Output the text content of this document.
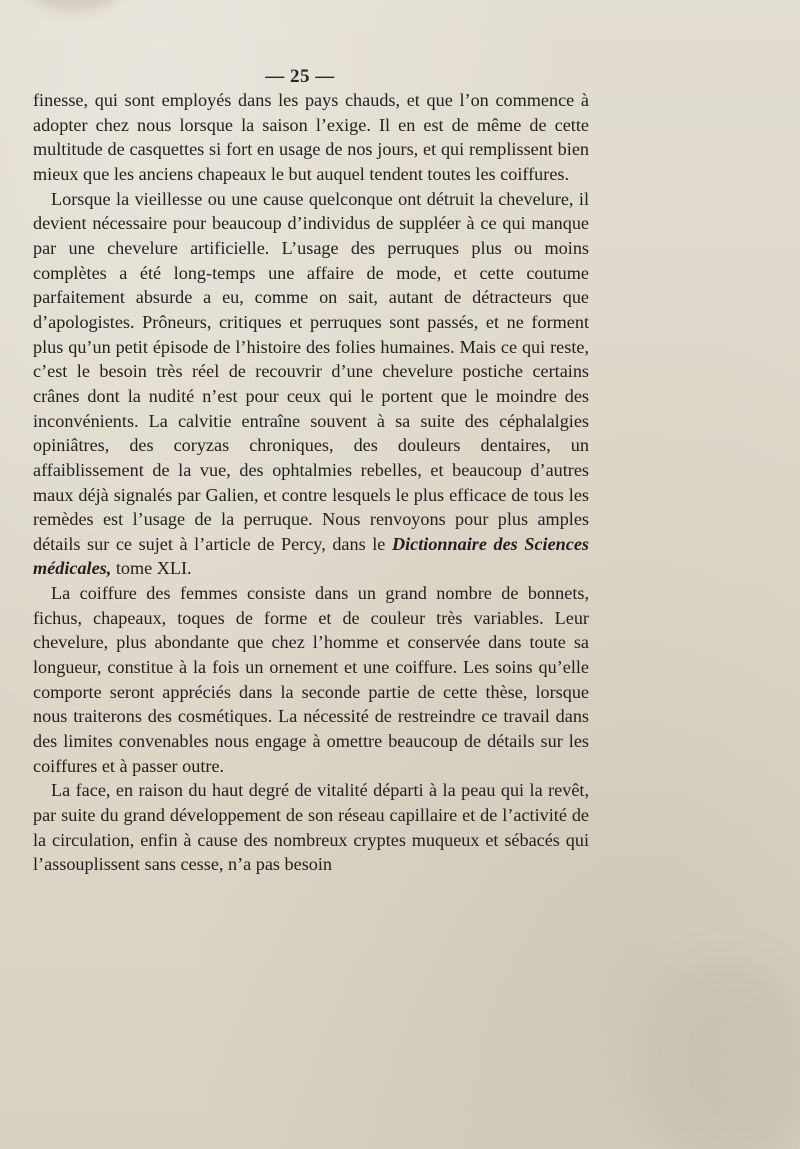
— 25 —

finesse, qui sont employés dans les pays chauds, et que l’on commence à adopter chez nous lorsque la saison l’exige. Il en est de même de cette multitude de casquettes si fort en usage de nos jours, et qui remplissent bien mieux que les anciens chapeaux le but auquel tendent toutes les coiffures.

Lorsque la vieillesse ou une cause quelconque ont détruit la chevelure, il devient nécessaire pour beaucoup d’individus de suppléer à ce qui manque par une chevelure artificielle. L’usage des perruques plus ou moins complètes a été long-temps une affaire de mode, et cette coutume parfaitement absurde a eu, comme on sait, autant de détracteurs que d’apologistes. Prôneurs, critiques et perruques sont passés, et ne forment plus qu’un petit épisode de l’histoire des folies humaines. Mais ce qui reste, c’est le besoin très réel de recouvrir d’une chevelure postiche certains crânes dont la nudité n’est pour ceux qui le portent que le moindre des inconvénients. La calvitie entraîne souvent à sa suite des céphalalgies opiniâtres, des coryzas chroniques, des douleurs dentaires, un affaiblissement de la vue, des ophtalmies rebelles, et beaucoup d’autres maux déjà signalés par Galien, et contre lesquels le plus efficace de tous les remèdes est l’usage de la perruque. Nous renvoyons pour plus amples détails sur ce sujet à l’article de Percy, dans le Dictionnaire des Sciences médicales, tome XLI.

La coiffure des femmes consiste dans un grand nombre de bonnets, fichus, chapeaux, toques de forme et de couleur très variables. Leur chevelure, plus abondante que chez l’homme et conservée dans toute sa longueur, constitue à la fois un ornement et une coiffure. Les soins qu’elle comporte seront appréciés dans la seconde partie de cette thèse, lorsque nous traiterons des cosmétiques. La nécessité de restreindre ce travail dans des limites convenables nous engage à omettre beaucoup de détails sur les coiffures et à passer outre.

La face, en raison du haut degré de vitalité départi à la peau qui la revêt, par suite du grand développement de son réseau capillaire et de l’activité de la circulation, enfin à cause des nombreux cryptes muqueux et sébacés qui l’assouplissent sans cesse, n’a pas besoin
